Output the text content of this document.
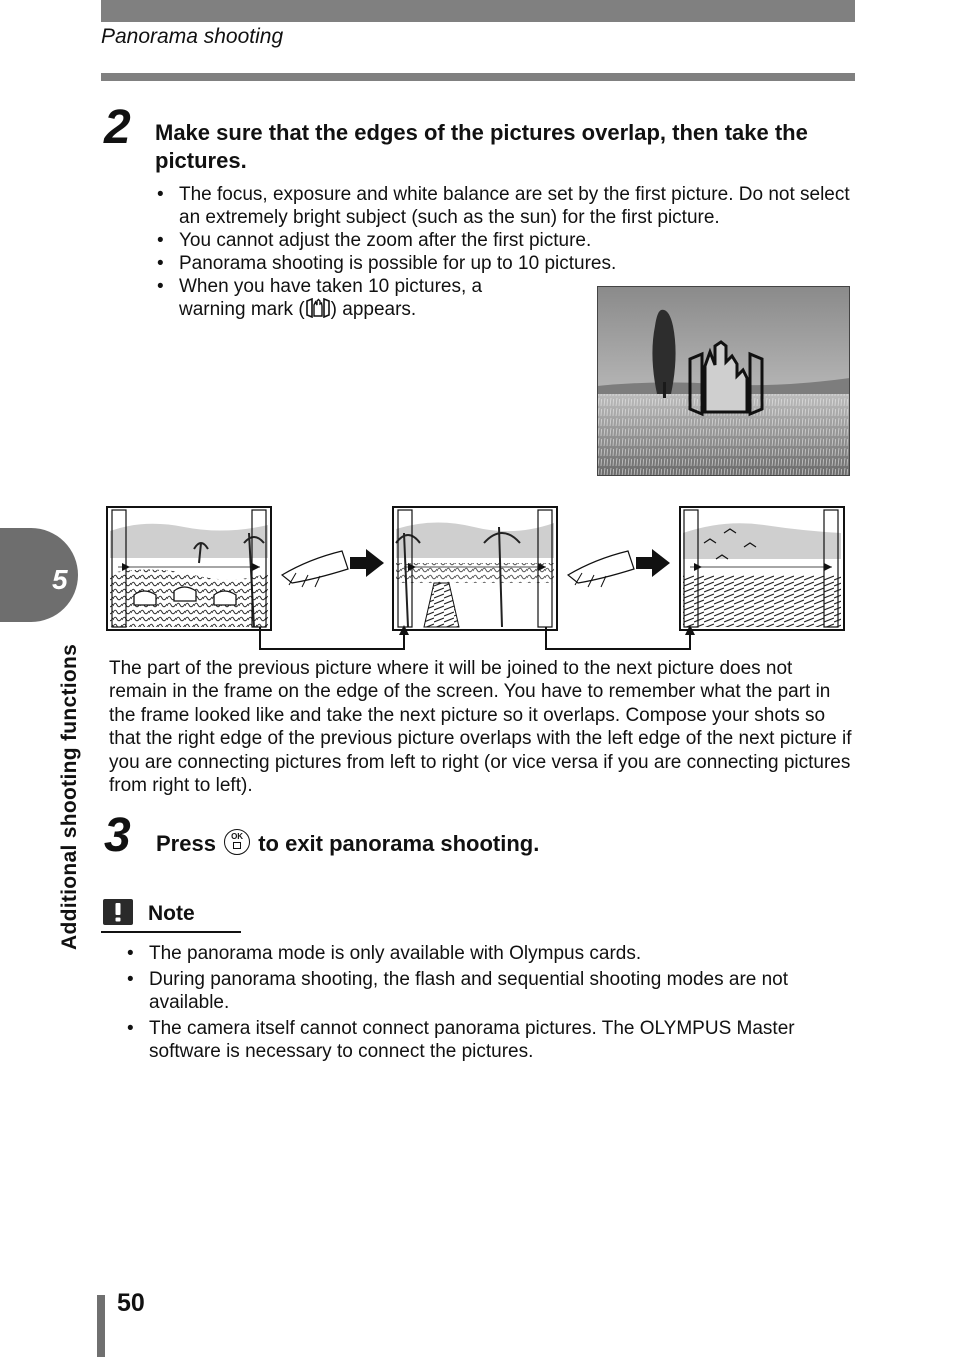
Panorama shooting
5
Additional shooting functions
2 Make sure that the edges of the pictures overlap, then take the pictures.
• The focus, exposure and white balance are set by the first picture. Do not select an extremely bright subject (such as the sun) for the first picture.
• You cannot adjust the zoom after the first picture.
• Panorama shooting is possible for up to 10 pictures.
• When you have taken 10 pictures, a warning mark ( ) appears.
The part of the previous picture where it will be joined to the next picture does not remain in the frame on the edge of the screen. You have to remember what the part in the frame looked like and take the next picture so it overlaps. Compose your shots so that the right edge of the previous picture overlaps with the left edge of the next picture if you are connecting pictures from left to right (or vice versa if you are connecting pictures from right to left).
3 Press	OK to exit panorama shooting.
Note
• The panorama mode is only available with Olympus cards.
• During panorama shooting, the flash and sequential shooting modes are not available.
• The camera itself cannot connect panorama pictures. The OLYMPUS Master software is necessary to connect the pictures.
50
